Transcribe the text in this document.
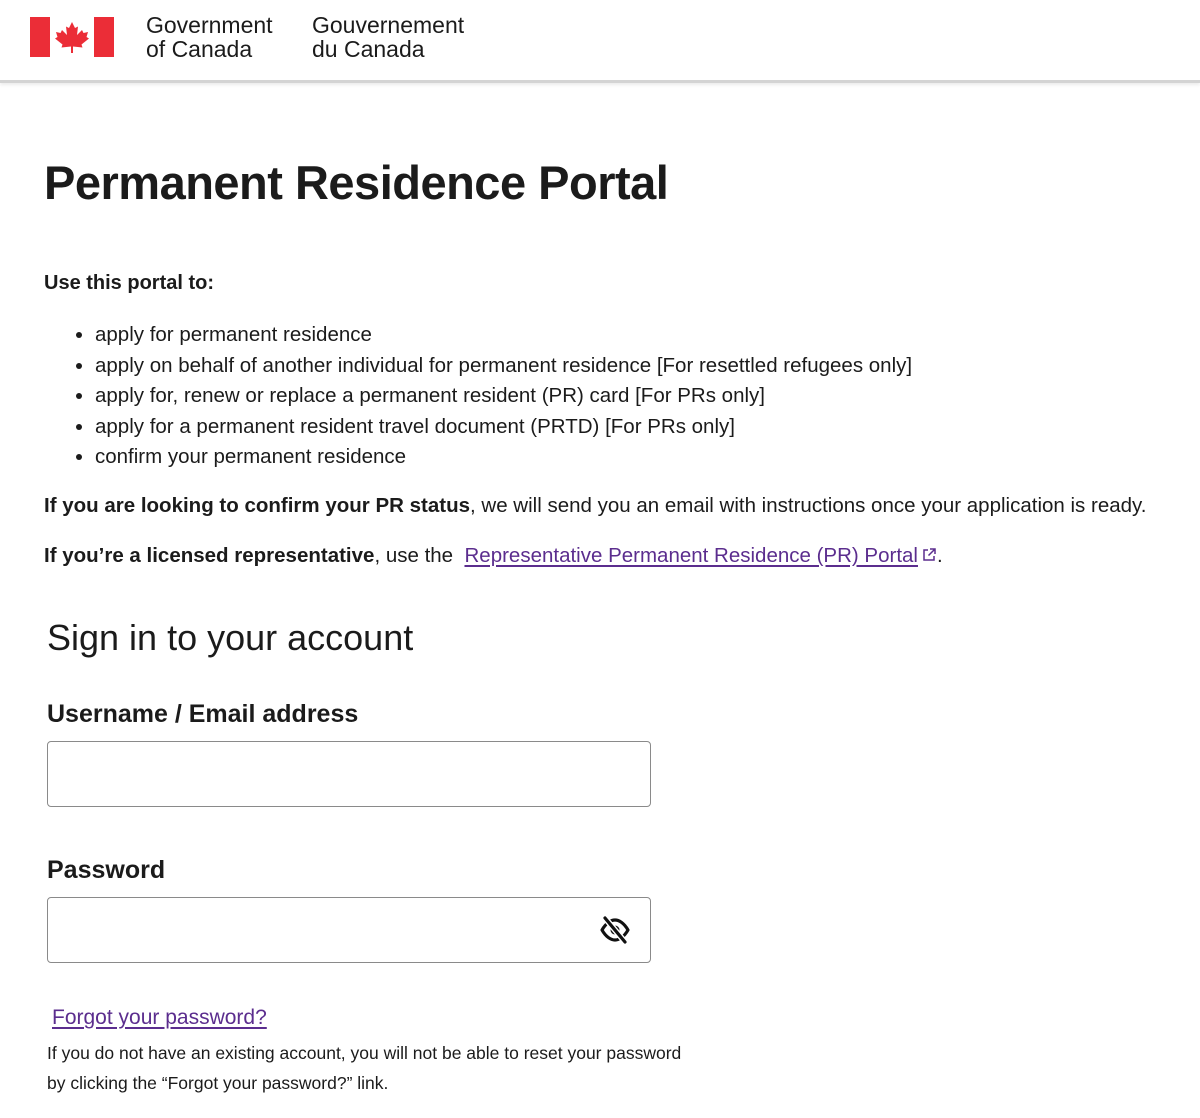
Government
of Canada
Gouvernement
du Canada
Permanent Residence Portal

Use this portal to:

• apply for permanent residence
• apply on behalf of another individual for permanent residence [For resettled refugees only]
• apply for, renew or replace a permanent resident (PR) card [For PRs only]
• apply for a permanent resident travel document (PRTD) [For PRs only]
• confirm your permanent residence

If you are looking to confirm your PR status, we will send you an email with instructions once your application is ready.

If you’re a licensed representative, use the Representative Permanent Residence (PR) Portal .

Sign in to your account
Username / Email address
Password
Forgot your password?

If you do not have an existing account, you will not be able to reset your password
by clicking the “Forgot your password?” link.
